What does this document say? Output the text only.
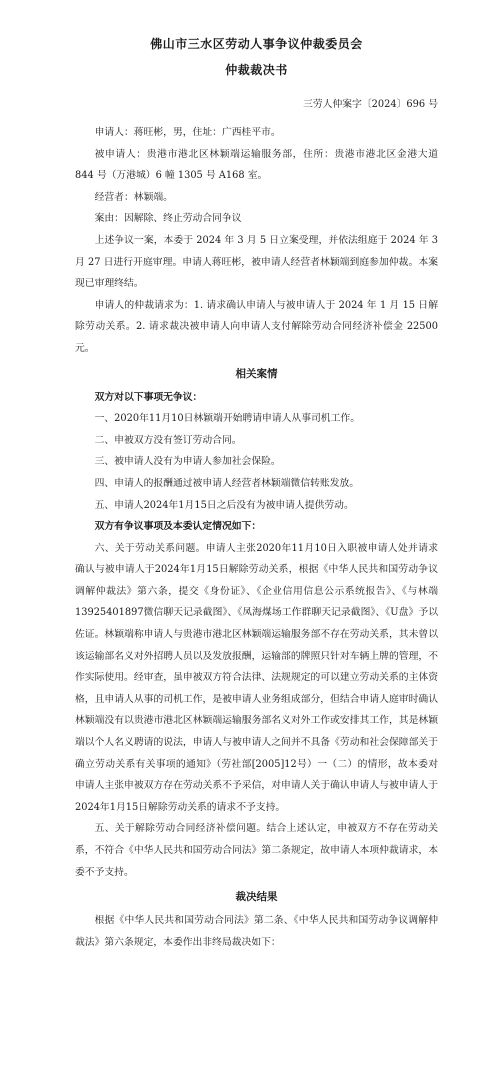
佛山市三水区劳动人事争议仲裁委员会
仲裁裁决书
三劳人仲案字〔2024〕696 号

申请人：蒋旺彬，男，住址：广西桂平市。

被申请人：贵港市港北区林颖端运输服务部，住所：贵港市港北区金港大道 844 号（万港城）6 幢 1305 号 A168 室。

经营者：林颖端。

案由：因解除、终止劳动合同争议

上述争议一案，本委于 2024 年 3 月 5 日立案受理，并依法组庭于 2024 年 3 月 27 日进行开庭审理。申请人蒋旺彬，被申请人经营者林颖端到庭参加仲裁。本案现已审理终结。

申请人的仲裁请求为：1. 请求确认申请人与被申请人于 2024 年 1 月 15 日解除劳动关系。2. 请求裁决被申请人向申请人支付解除劳动合同经济补偿金 22500 元。

相关案情

双方对以下事项无争议：

一、2020年11月10日林颖端开始聘请申请人从事司机工作。

二、申被双方没有签订劳动合同。

三、被申请人没有为申请人参加社会保险。

四、申请人的报酬通过被申请人经营者林颖端微信转账发放。

五、申请人2024年1月15日之后没有为被申请人提供劳动。

双方有争议事项及本委认定情况如下：

六、关于劳动关系问题。申请人主张2020年11月10日入职被申请人处并请求确认与被申请人于2024年1月15日解除劳动关系，根据《中华人民共和国劳动争议调解仲裁法》第六条，提交《身份证》、《企业信用信息公示系统报告》、《与林端13925401897微信聊天记录截图》、《凤海煤场工作群聊天记录截图》、《U盘》予以佐证。林颖端称申请人与贵港市港北区林颖端运输服务部不存在劳动关系，其未曾以该运输部名义对外招聘人员以及发放报酬，运输部的牌照只针对车辆上牌的管理，不作实际使用。经审查，虽申被双方符合法律、法规规定的可以建立劳动关系的主体资格，且申请人从事的司机工作，是被申请人业务组成部分，但结合申请人庭审时确认林颖端没有以贵港市港北区林颖端运输服务部名义对外工作或安排其工作，其是林颖端以个人名义聘请的说法，申请人与被申请人之间并不具备《劳动和社会保障部关于确立劳动关系有关事项的通知》（劳社部[2005]12号）一（二）的情形，故本委对申请人主张申被双方存在劳动关系不予采信，对申请人关于确认申请人与被申请人于2024年1月15日解除劳动关系的请求不予支持。

五、关于解除劳动合同经济补偿问题。结合上述认定，申被双方不存在劳动关系，不符合《中华人民共和国劳动合同法》第二条规定，故申请人本项仲裁请求，本委不予支持。

裁决结果

根据《中华人民共和国劳动合同法》第二条、《中华人民共和国劳动争议调解仲裁法》第六条规定，本委作出非终局裁决如下：
